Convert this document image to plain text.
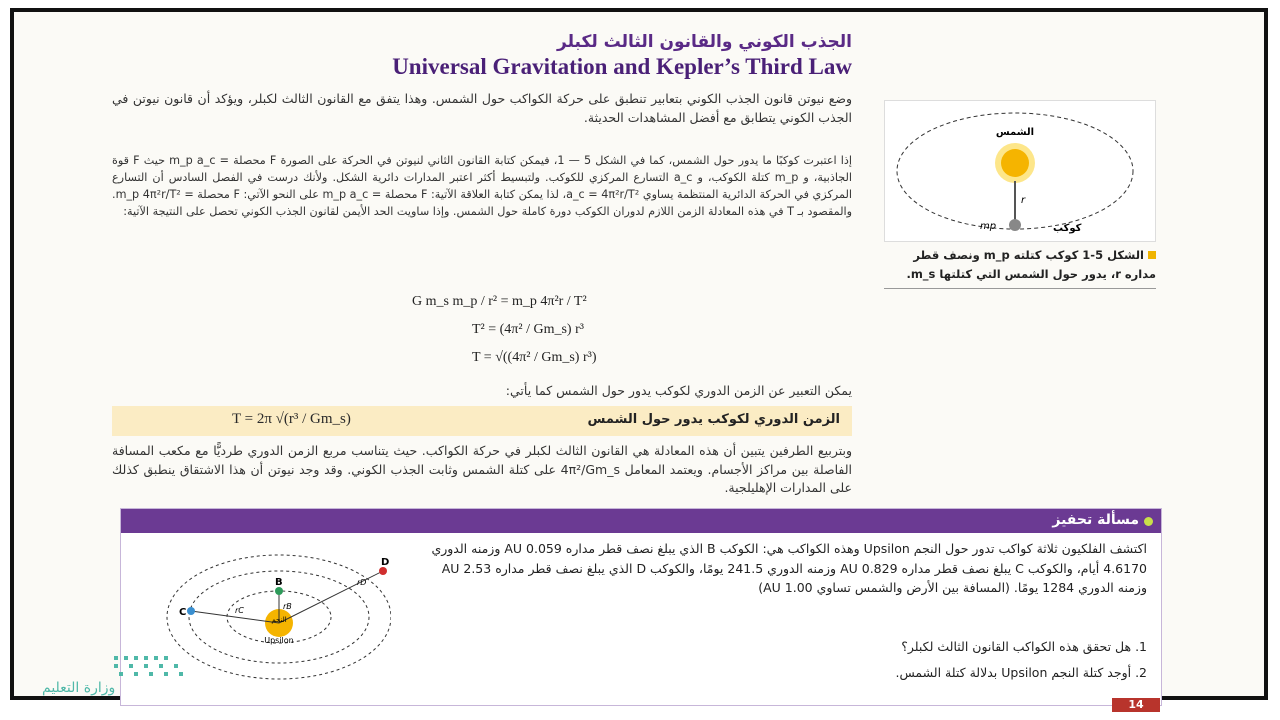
الجذب الكوني والقانون الثالث لكبلر
Universal Gravitation and Kepler’s Third Law
وضع نيوتن قانون الجذب الكوني بتعابير تنطبق على حركة الكواكب حول الشمس. وهذا يتفق مع القانون الثالث لكبلر، ويؤكد أن قانون نيوتن في الجذب الكوني يتطابق مع أفضل المشاهدات الحديثة.
إذا اعتبرت كوكبًا ما يدور حول الشمس، كما في الشكل 5 — 1، فيمكن كتابة القانون الثاني لنيوتن في الحركة على الصورة F محصلة = m_p a_c حيث F قوة الجاذبية، و m_p كتلة الكوكب، و a_c التسارع المركزي للكوكب. ولتبسيط أكثر اعتبر المدارات دائرية الشكل. ولأنك درست في الفصل السادس أن التسارع المركزي في الحركة الدائرية المنتظمة يساوي a_c = 4π²r/T²، لذا يمكن كتابة العلاقة الآتية: F محصلة = m_p a_c على النحو الآتي: F محصلة = m_p 4π²r/T². والمقصود بـ T في هذه المعادلة الزمن اللازم لدوران الكوكب دورة كاملة حول الشمس. وإذا ساويت الحد الأيمن لقانون الجذب الكوني تحصل على النتيجة الآتية:
G m_s m_p / r² = m_p 4π²r / T²
T² = (4π² / Gm_s) r³
T = √((4π² / Gm_s) r³)
يمكن التعبير عن الزمن الدوري لكوكب يدور حول الشمس كما يأتي:
الزمن الدوري لكوكب يدور حول الشمس
T = 2π √(r³ / Gm_s)
وبتربيع الطرفين يتبين أن هذه المعادلة هي القانون الثالث لكبلر في حركة الكواكب. حيث يتناسب مربع الزمن الدوري طرديًّا مع مكعب المسافة الفاصلة بين مراكز الأجسام. ويعتمد المعامل 4π²/Gm_s على كتلة الشمس وثابت الجذب الكوني. وقد وجد نيوتن أن هذا الاشتقاق ينطبق كذلك على المدارات الإهليلجية.
الشمس
r
mp	كوكب
الشكل 5-1 كوكب كتلته m_p ونصف قطر مداره r، يدور حول الشمس التي كتلتها m_s.
مسألة تحفيز
اكتشف الفلكيون ثلاثة كواكب تدور حول النجم Upsilon وهذه الكواكب هي: الكوكب B الذي يبلغ نصف قطر مداره 0.059 AU وزمنه الدوري 4.6170 أيام، والكوكب C يبلغ نصف قطر مداره 0.829 AU وزمنه الدوري 241.5 يومًا، والكوكب D الذي يبلغ نصف قطر مداره 2.53 AU وزمنه الدوري 1284 يومًا. (المسافة بين الأرض والشمس تساوي 1.00 AU)
1. هل تحقق هذه الكواكب القانون الثالث لكبلر؟
2. أوجد كتلة النجم Upsilon بدلالة كتلة الشمس.
B
C
D
rB
rC
rD
النجم
Upsilon
وزارة التعليم
14
